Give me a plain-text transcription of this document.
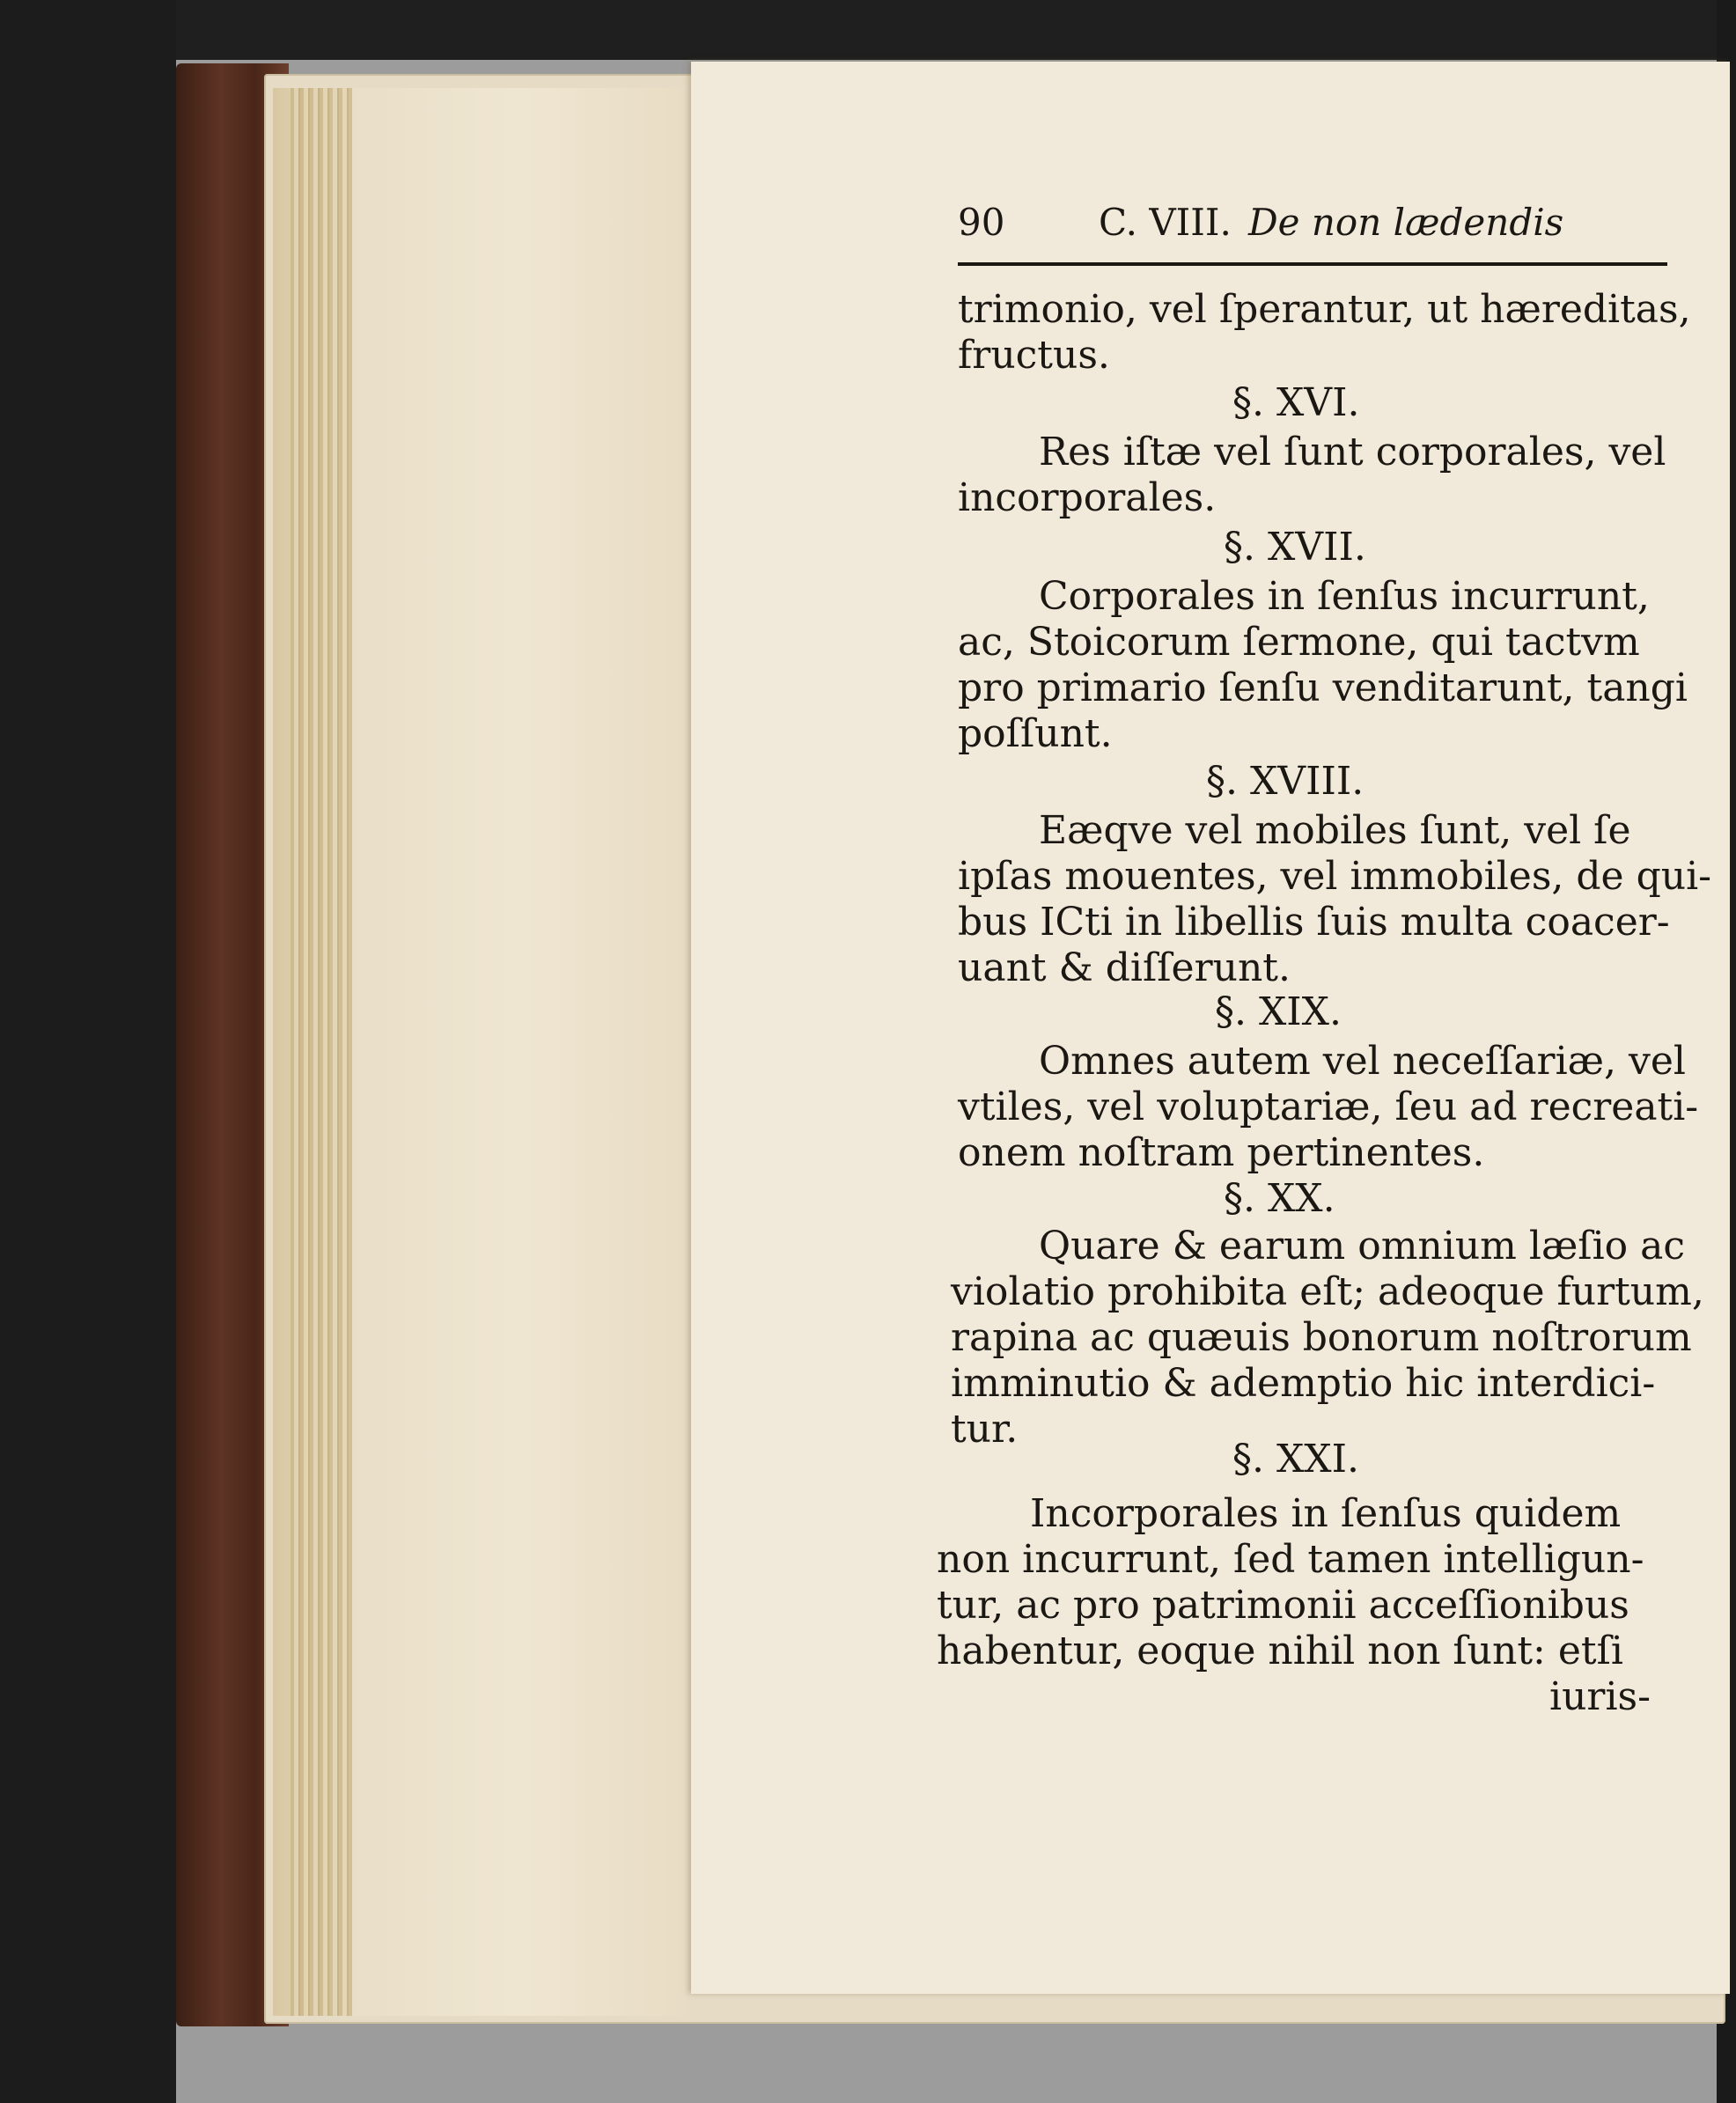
90	C. VIII. De non lædendis
trimonio, vel ſperantur, ut hæreditas,
fructus.
§. XVI.
Res iſtæ vel ſunt corporales, vel
incorporales.
§. XVII.
Corporales in ſenſus incurrunt,
ac, Stoicorum ſermone, qui tactvm
pro primario ſenſu venditarunt, tangi
poſſunt.
§. XVIII.
Eæqve vel mobiles ſunt, vel ſe
ipſas mouentes, vel immobiles, de qui-
bus ICti in libellis ſuis multa coacer-
uant & diſſerunt.
§. XIX.
Omnes autem vel neceſſariæ, vel
vtiles, vel voluptariæ, ſeu ad recreati-
onem noſtram pertinentes.
§. XX.
Quare & earum omnium læſio ac
violatio prohibita eſt; adeoque furtum,
rapina ac quæuis bonorum noſtrorum
imminutio & ademptio hic interdici-
tur.
§. XXI.
Incorporales in ſenſus quidem
non incurrunt, ſed tamen intelligun-
tur, ac pro patrimonii acceſſionibus
habentur, eoque nihil non ſunt: etſi
iuris-
